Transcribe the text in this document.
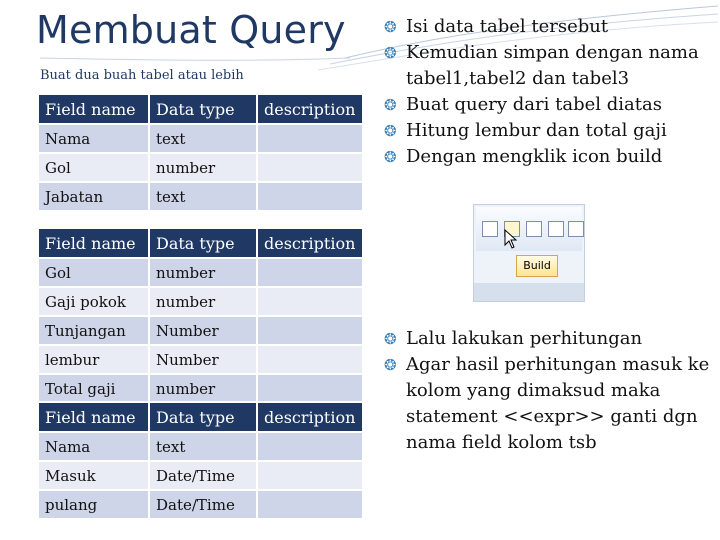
Membuat Query
Buat dua buah tabel atau lebih
Field name	Data type	description
Nama	text	
Gol	number	
Jabatan	text	
Field name	Data type	description
Gol	number	
Gaji pokok	number	
Tunjangan	Number	
lembur	Number	
Total gaji	number	
Field name	Data type	description
Nama	text	
Masuk	Date/Time	
pulang	Date/Time	
❂ Isi data tabel tersebut
❂ Kemudian simpan dengan nama tabel1,tabel2 dan tabel3
❂ Buat query dari tabel diatas
❂ Hitung lembur dan total gaji
❂ Dengan mengklik icon build
Build
❂ Lalu lakukan perhitungan
❂ Agar hasil perhitungan masuk ke kolom yang dimaksud maka statement <<expr>> ganti dgn nama field kolom tsb
